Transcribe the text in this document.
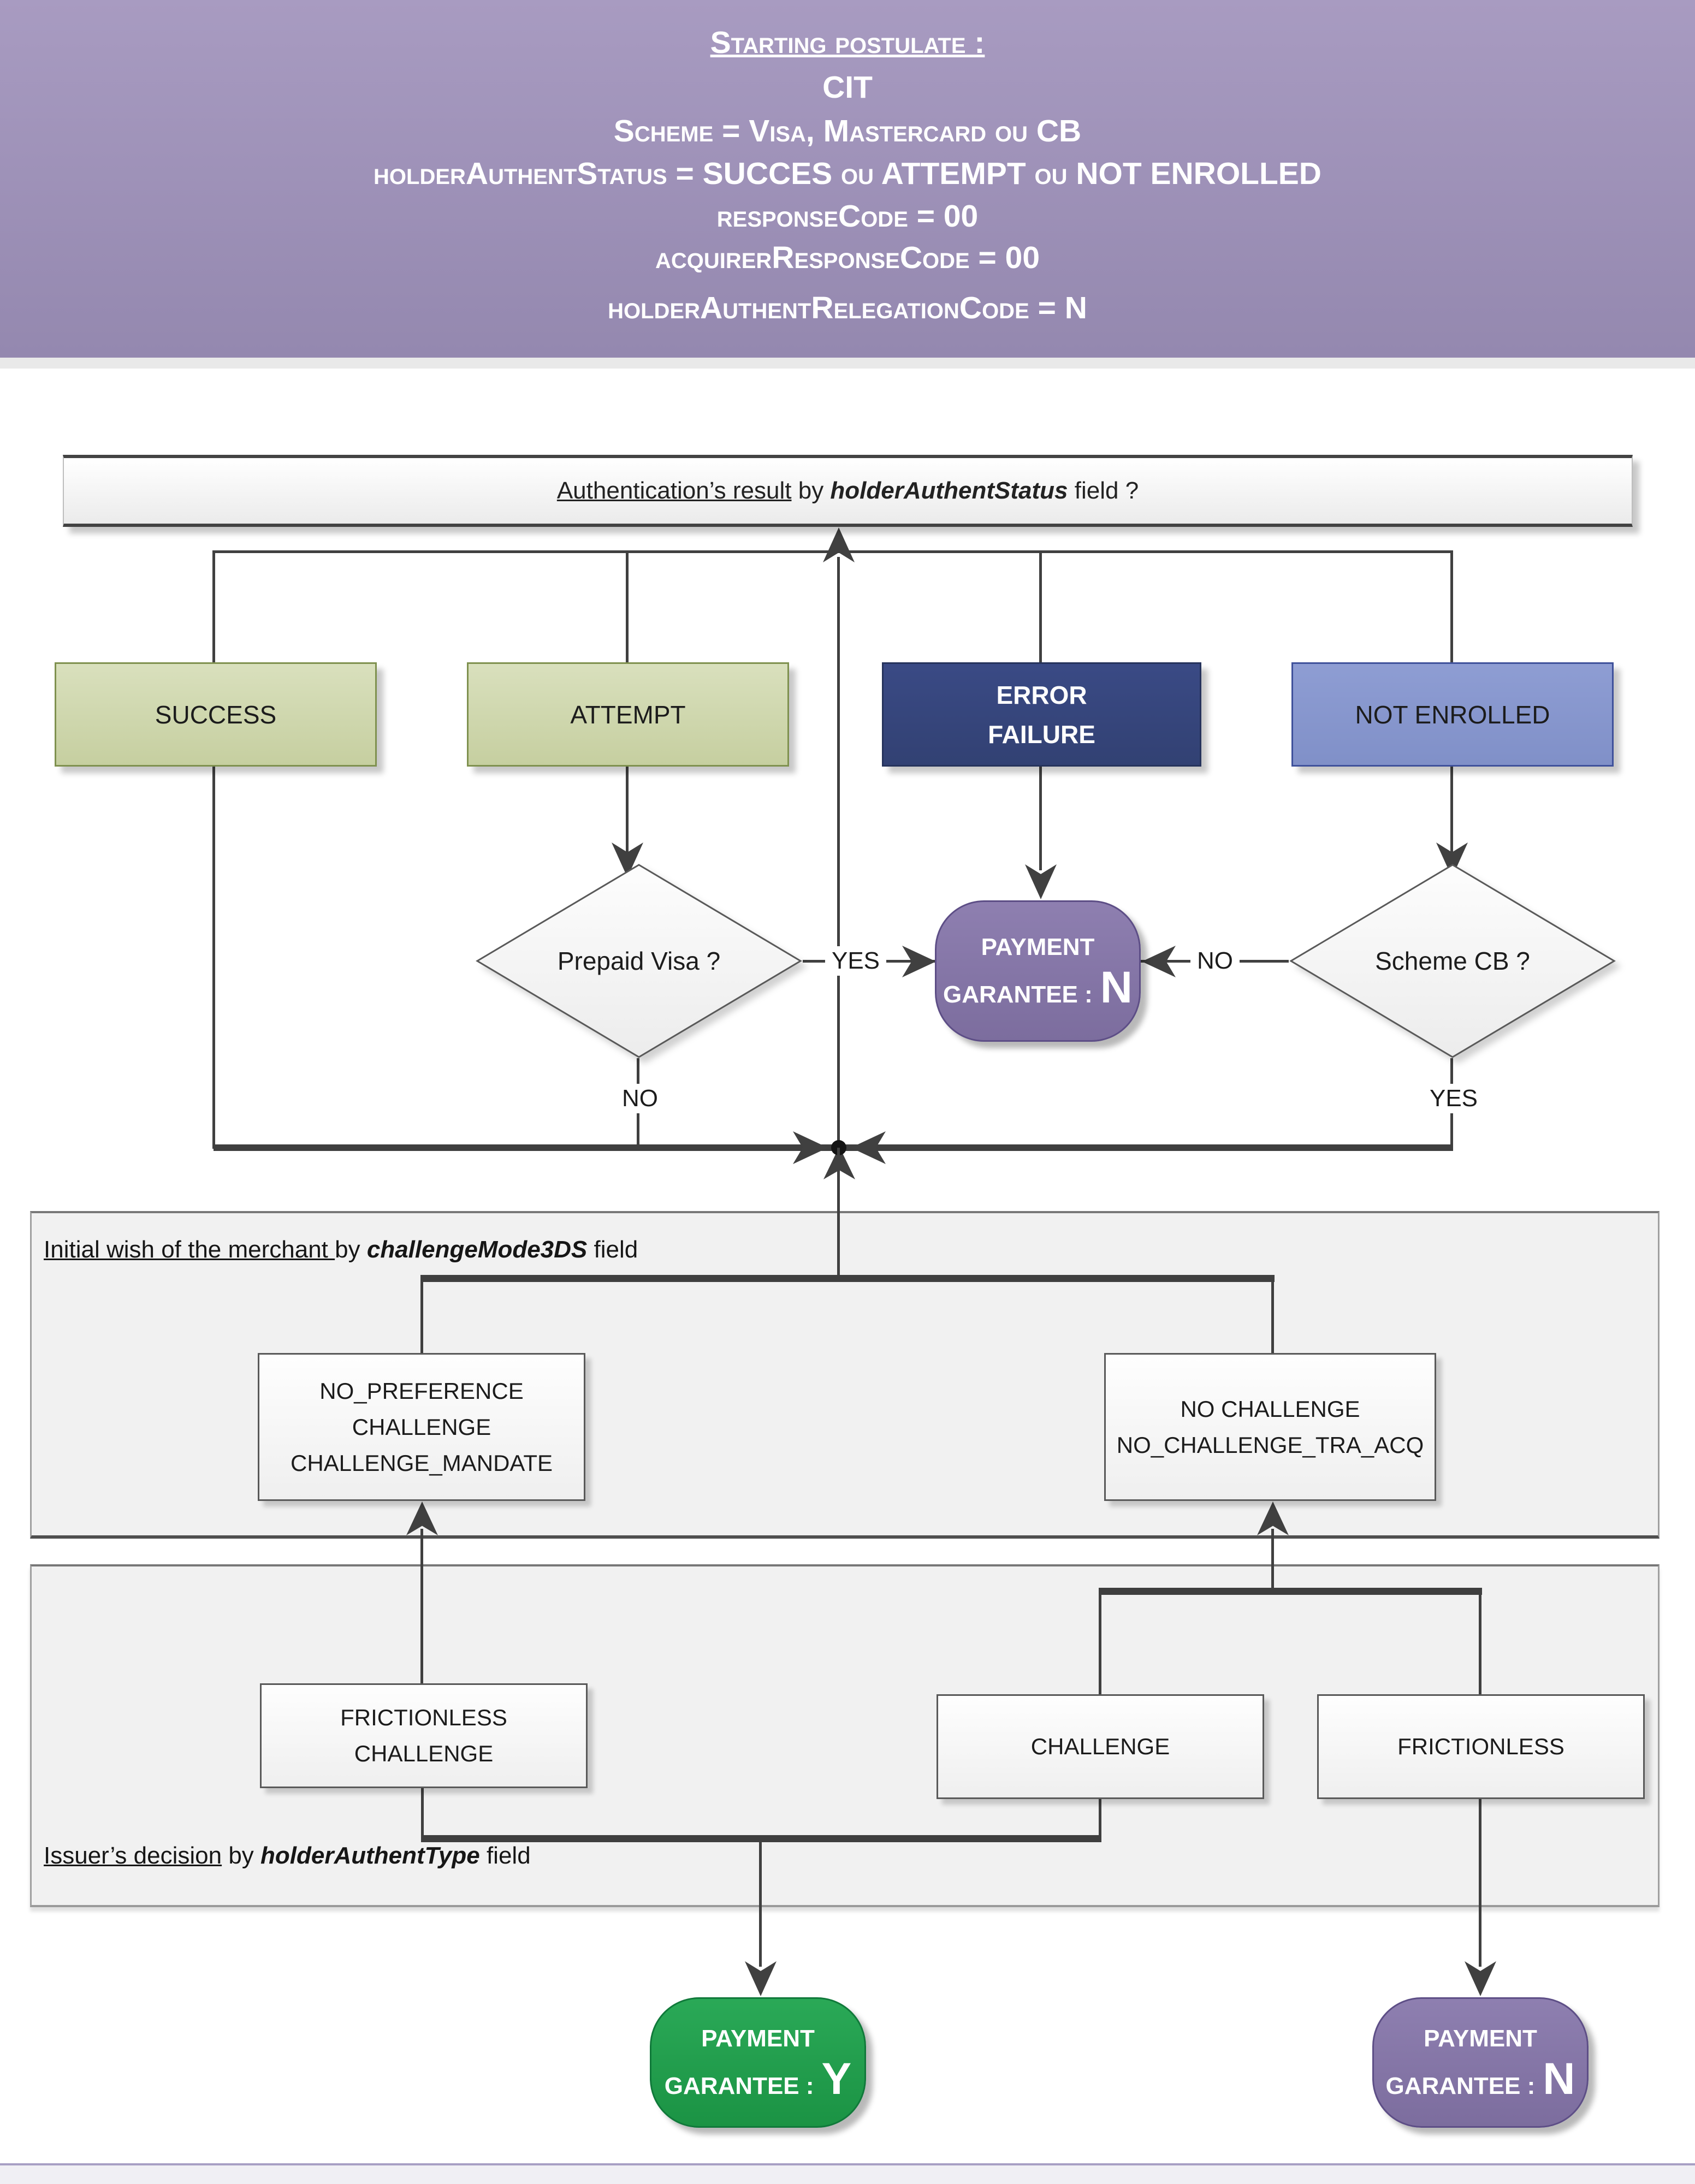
Starting postulate :
CIT
Scheme = Visa, Mastercard ou CB
holderAuthentStatus = SUCCES ou ATTEMPT ou NOT ENROLLED
responseCode = 00
acquirerResponseCode = 00
holderAuthentRelegationCode = N
Initial wish of the merchant by challengeMode3DS field
Issuer’s decision by holderAuthentType field
Authentication’s result by holderAuthentStatus field ?
SUCCESS	ATTEMPT
ERROR
FAILURE
NOT ENROLLED
Prepaid Visa ?	Scheme CB ?
YES	NO
NO	YES
PAYMENT
GARANTEE : N
NO_PREFERENCE
CHALLENGE
CHALLENGE_MANDATE
NO CHALLENGE
NO_CHALLENGE_TRA_ACQ
FRICTIONLESS
CHALLENGE	CHALLENGE	FRICTIONLESS
PAYMENT
GARANTEE : Y
PAYMENT
GARANTEE : N
